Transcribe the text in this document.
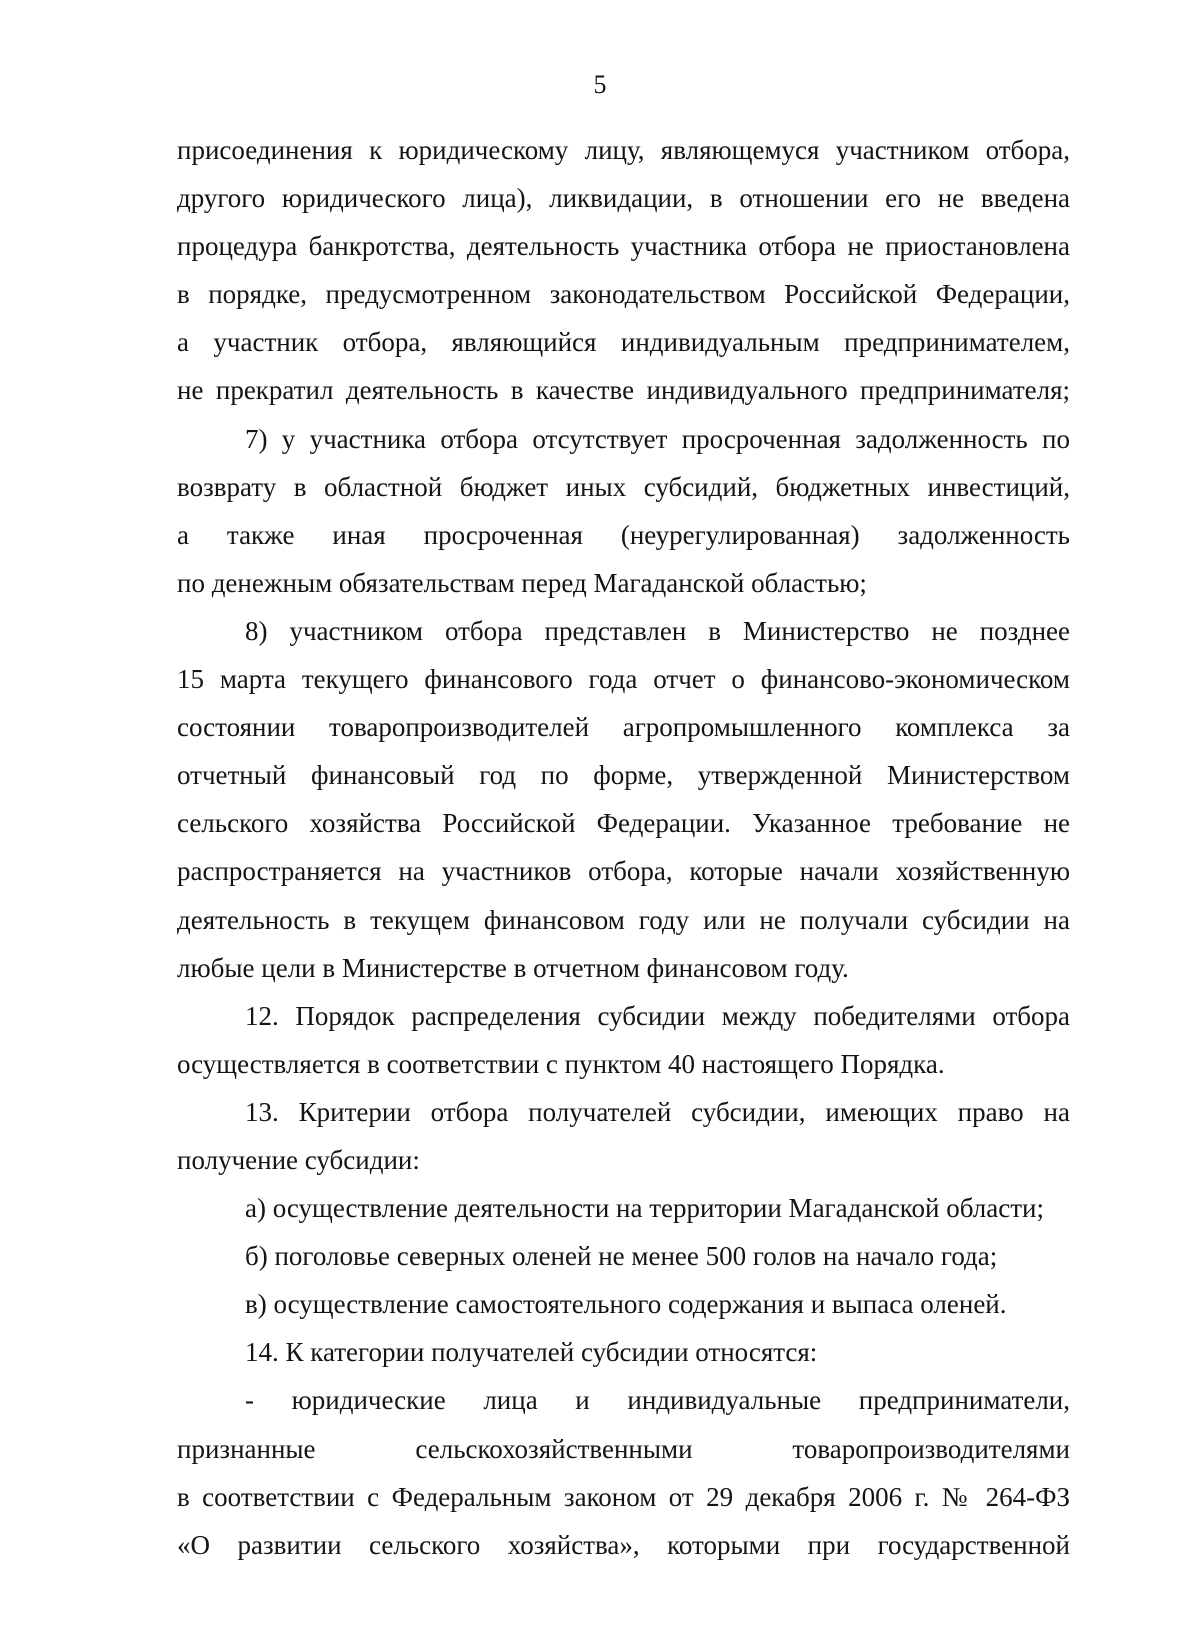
5
присоединения к юридическому лицу, являющемуся участником отбора,
другого юридического лица), ликвидации, в отношении его не введена
процедура банкротства, деятельность участника отбора не приостановлена
в порядке, предусмотренном законодательством Российской Федерации,
а участник отбора, являющийся индивидуальным предпринимателем,
не прекратил деятельность в качестве индивидуального предпринимателя;
7) у участника отбора отсутствует просроченная задолженность по
возврату в областной бюджет иных субсидий, бюджетных инвестиций,
а также иная просроченная (неурегулированная) задолженность
по денежным обязательствам перед Магаданской областью;
8) участником отбора представлен в Министерство не позднее
15 марта текущего финансового года отчет о финансово-экономическом
состоянии товаропроизводителей агропромышленного комплекса за
отчетный финансовый год по форме, утвержденной Министерством
сельского хозяйства Российской Федерации. Указанное требование не
распространяется на участников отбора, которые начали хозяйственную
деятельность в текущем финансовом году или не получали субсидии на
любые цели в Министерстве в отчетном финансовом году.
12. Порядок распределения субсидии между победителями отбора
осуществляется в соответствии с пунктом 40 настоящего Порядка.
13. Критерии отбора получателей субсидии, имеющих право на
получение субсидии:
а) осуществление деятельности на территории Магаданской области;
б) поголовье северных оленей не менее 500 голов на начало года;
в) осуществление самостоятельного содержания и выпаса оленей.
14. К категории получателей субсидии относятся:
- юридические лица и индивидуальные предприниматели,
признанные сельскохозяйственными товаропроизводителями
в соответствии с Федеральным законом от 29 декабря 2006 г. № 264-ФЗ
«О развитии сельского хозяйства», которыми при государственной
